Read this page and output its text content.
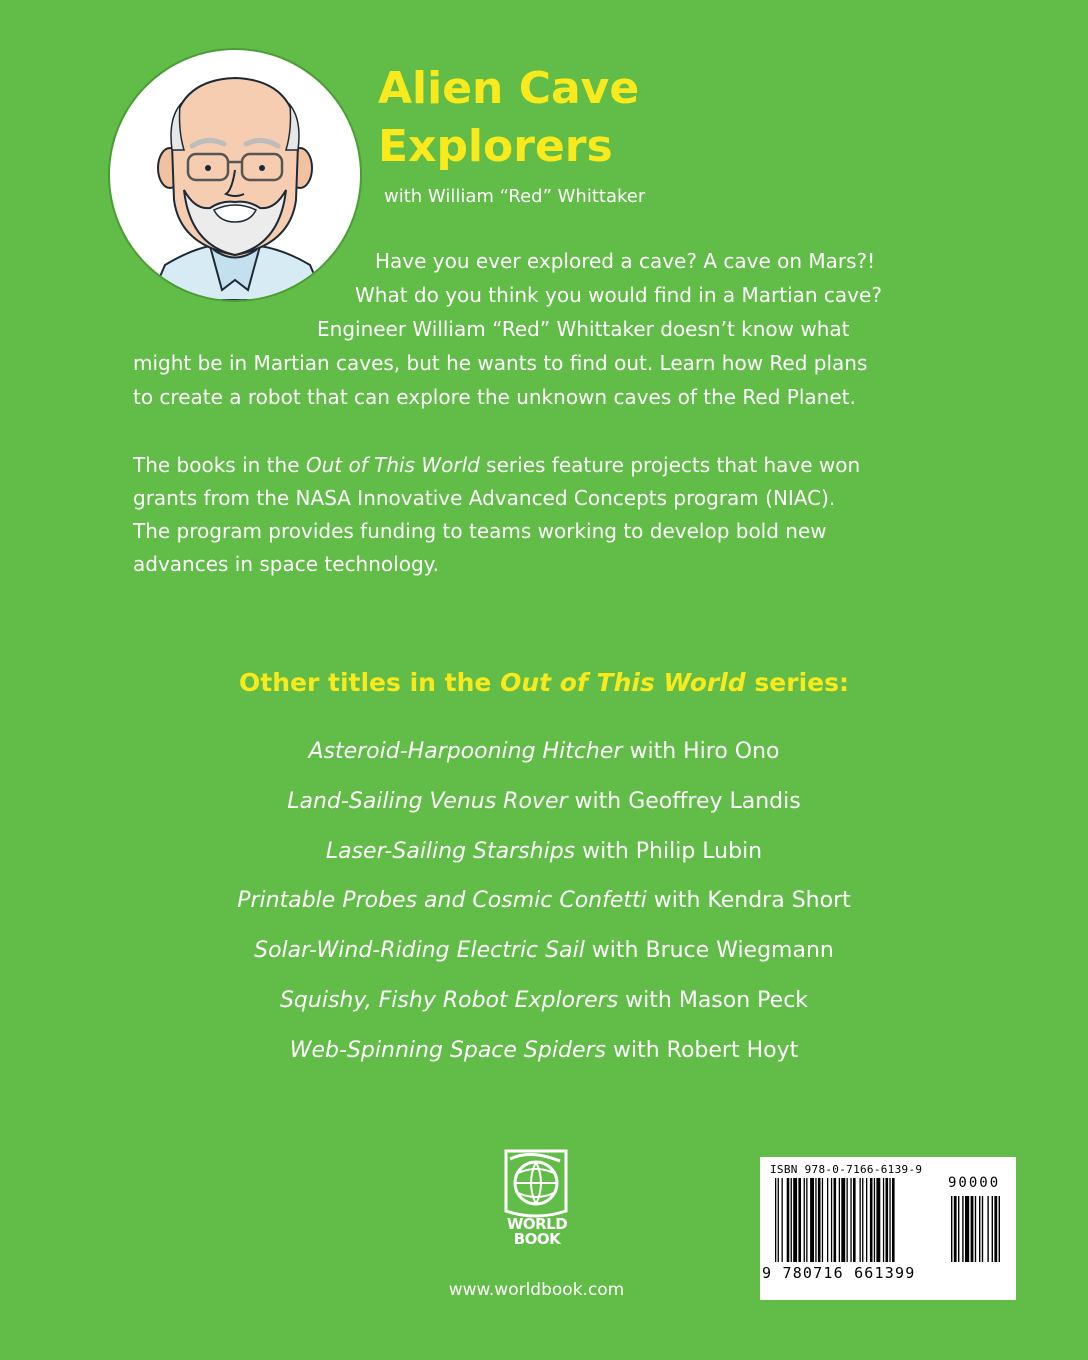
Alien Cave
Explorers
with William “Red” Whittaker
Have you ever explored a cave? A cave on Mars?!
What do you think you would find in a Martian cave?
Engineer William “Red” Whittaker doesn’t know what
might be in Martian caves, but he wants to find out. Learn how Red plans
to create a robot that can explore the unknown caves of the Red Planet.
The books in the Out of This World series feature projects that have won
grants from the NASA Innovative Advanced Concepts program (NIAC).
The program provides funding to teams working to develop bold new
advances in space technology.
Other titles in the Out of This World series:
Asteroid-Harpooning Hitcher with Hiro Ono
Land-Sailing Venus Rover with Geoffrey Landis
Laser-Sailing Starships with Philip Lubin
Printable Probes and Cosmic Confetti with Kendra Short
Solar-Wind-Riding Electric Sail with Bruce Wiegmann
Squishy, Fishy Robot Explorers with Mason Peck
Web-Spinning Space Spiders with Robert Hoyt
WORLD
BOOK
www.worldbook.com
ISBN 978-0-7166-6139-9
9 780716 661399
90000
